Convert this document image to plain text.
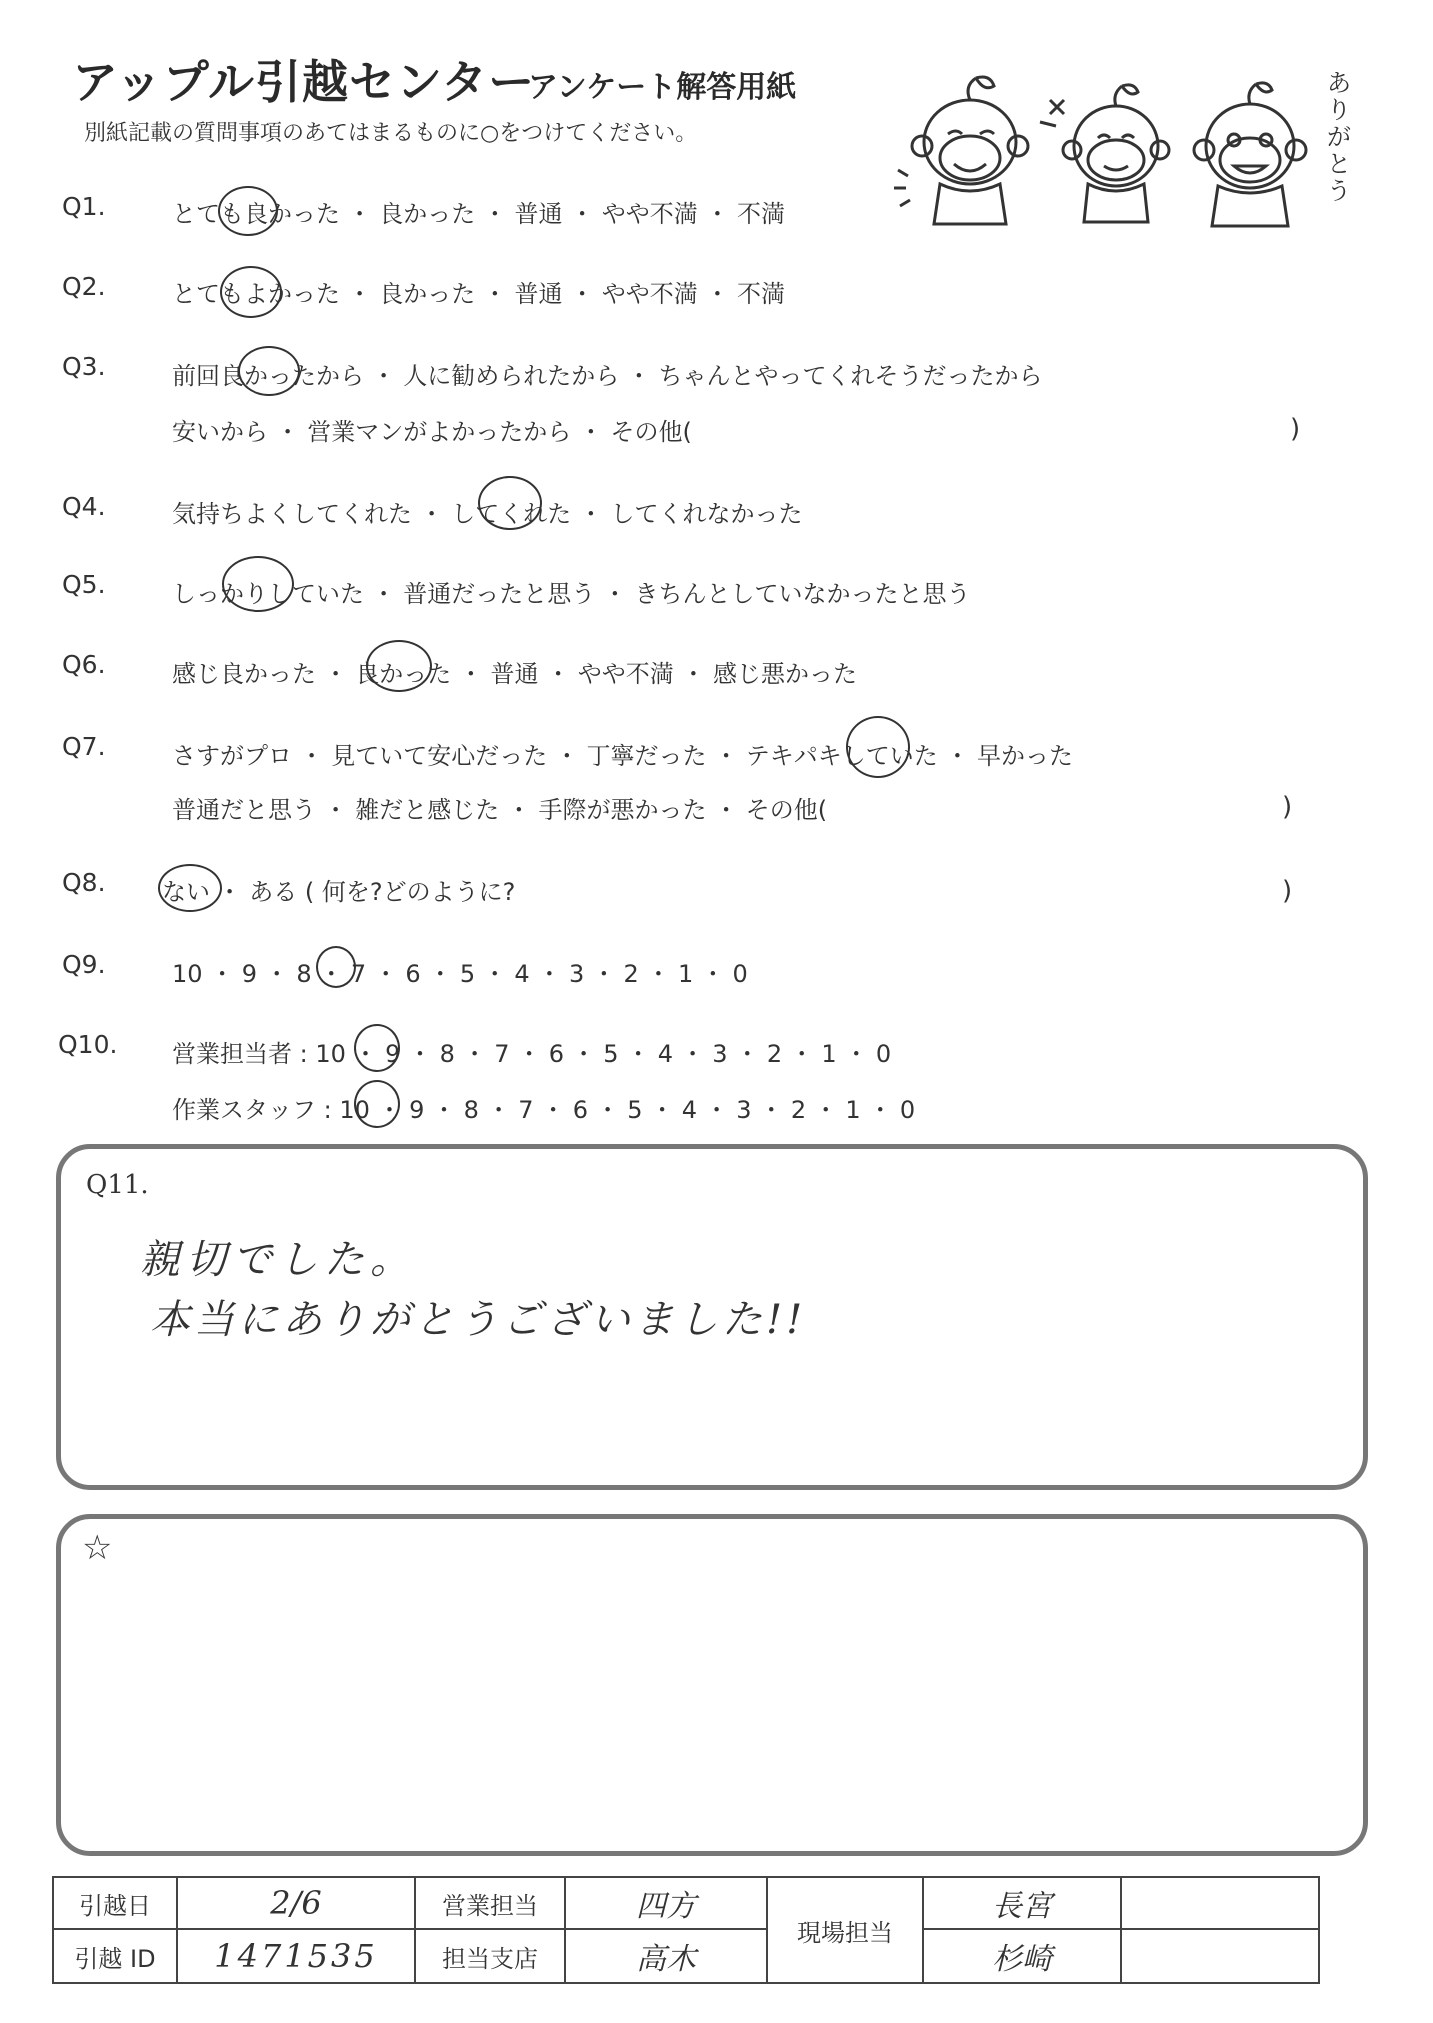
アップル引越センター
アンケート解答用紙
別紙記載の質問事項のあてはまるものに○をつけてください。
ありがとう
Q1.	とても良かった ・ 良かった ・ 普通 ・ やや不満 ・ 不満
Q2.	とてもよかった ・ 良かった ・ 普通 ・ やや不満 ・ 不満
Q3.	前回良かったから ・ 人に勧められたから ・ ちゃんとやってくれそうだったから
安いから ・ 営業マンがよかったから ・ その他(	)
Q4.	気持ちよくしてくれた ・ してくれた ・ してくれなかった
Q5.	しっかりしていた ・ 普通だったと思う ・ きちんとしていなかったと思う
Q6.	感じ良かった ・ 良かった ・ 普通 ・ やや不満 ・ 感じ悪かった
Q7.	さすがプロ ・ 見ていて安心だった ・ 丁寧だった ・ テキパキしていた ・ 早かった
普通だと思う ・ 雑だと感じた ・ 手際が悪かった ・ その他(	)
Q8. ない ・ ある ( 何を?どのように?	)
Q9.	10 ・ 9 ・ 8 ・ 7 ・ 6 ・ 5 ・ 4 ・ 3 ・ 2 ・ 1 ・ 0
Q10. 営業担当者 : 10 ・ 9 ・ 8 ・ 7 ・ 6 ・ 5 ・ 4 ・ 3 ・ 2 ・ 1 ・ 0
作業スタッフ : 10 ・ 9 ・ 8 ・ 7 ・ 6 ・ 5 ・ 4 ・ 3 ・ 2 ・ 1 ・ 0
Q11.
親切でした。
本当にありがとうございました!!
☆
引越日	2/6	営業担当	四方	現場担当	長宮	
引越 ID	1471535	担当支店	高木		杉崎	
